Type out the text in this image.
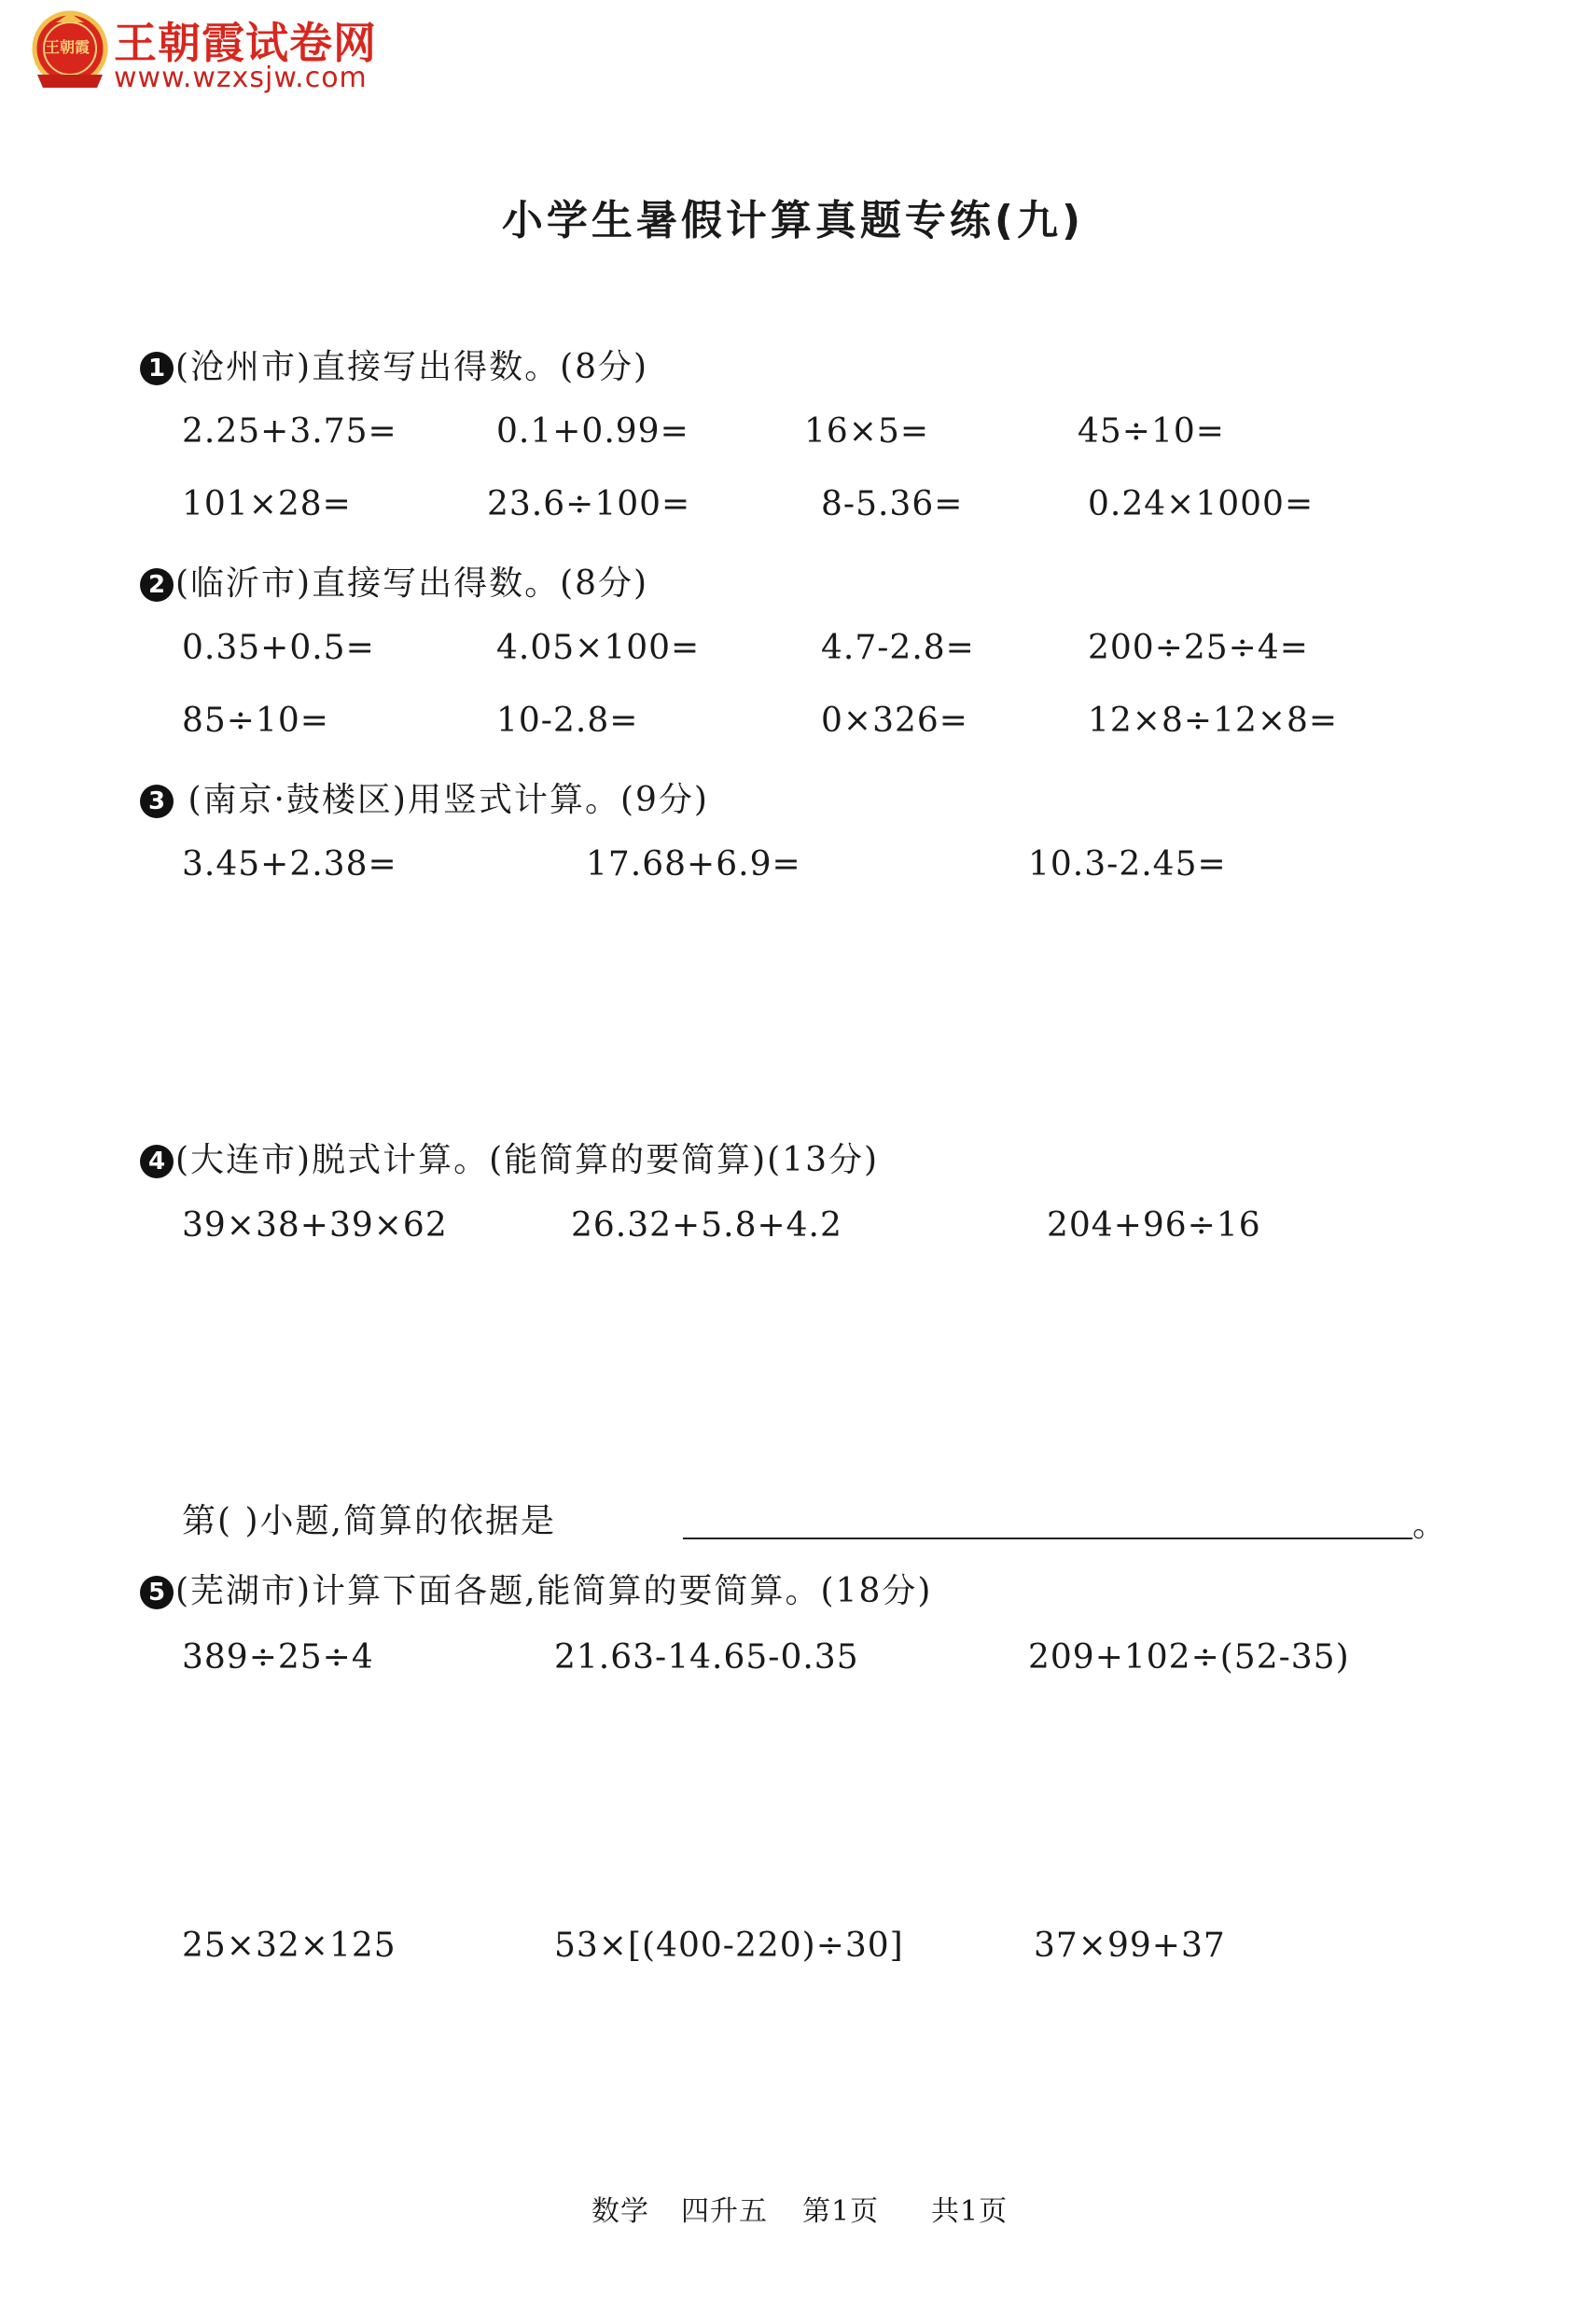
王朝霞 王朝霞试卷网
www.wzxsjw.com
小学生暑假计算真题专练(九)
1 (沧州市)直接写出得数。(8分)
2.25+3.75=	0.1+0.99=	16×5=	45÷10=
101×28=	23.6÷100=	8-5.36=	0.24×1000=
2 (临沂市)直接写出得数。(8分)
0.35+0.5=	4.05×100=	4.7-2.8=	200÷25÷4=
85÷10=	10-2.8=	0×326=	12×8÷12×8=
3 (南京·鼓楼区)用竖式计算。(9分)
3.45+2.38=	17.68+6.9=	10.3-2.45=
4 (大连市)脱式计算。(能简算的要简算)(13分)
39×38+39×62	26.32+5.8+4.2	204+96÷16
第( )小题,简算的依据是	。
5 (芜湖市)计算下面各题,能简算的要简算。(18分)
389÷25÷4	21.63-14.65-0.35	209+102÷(52-35)
25×32×125	53×[(400-220)÷30]	37×99+37
数学 四升五 第1页 共1页
